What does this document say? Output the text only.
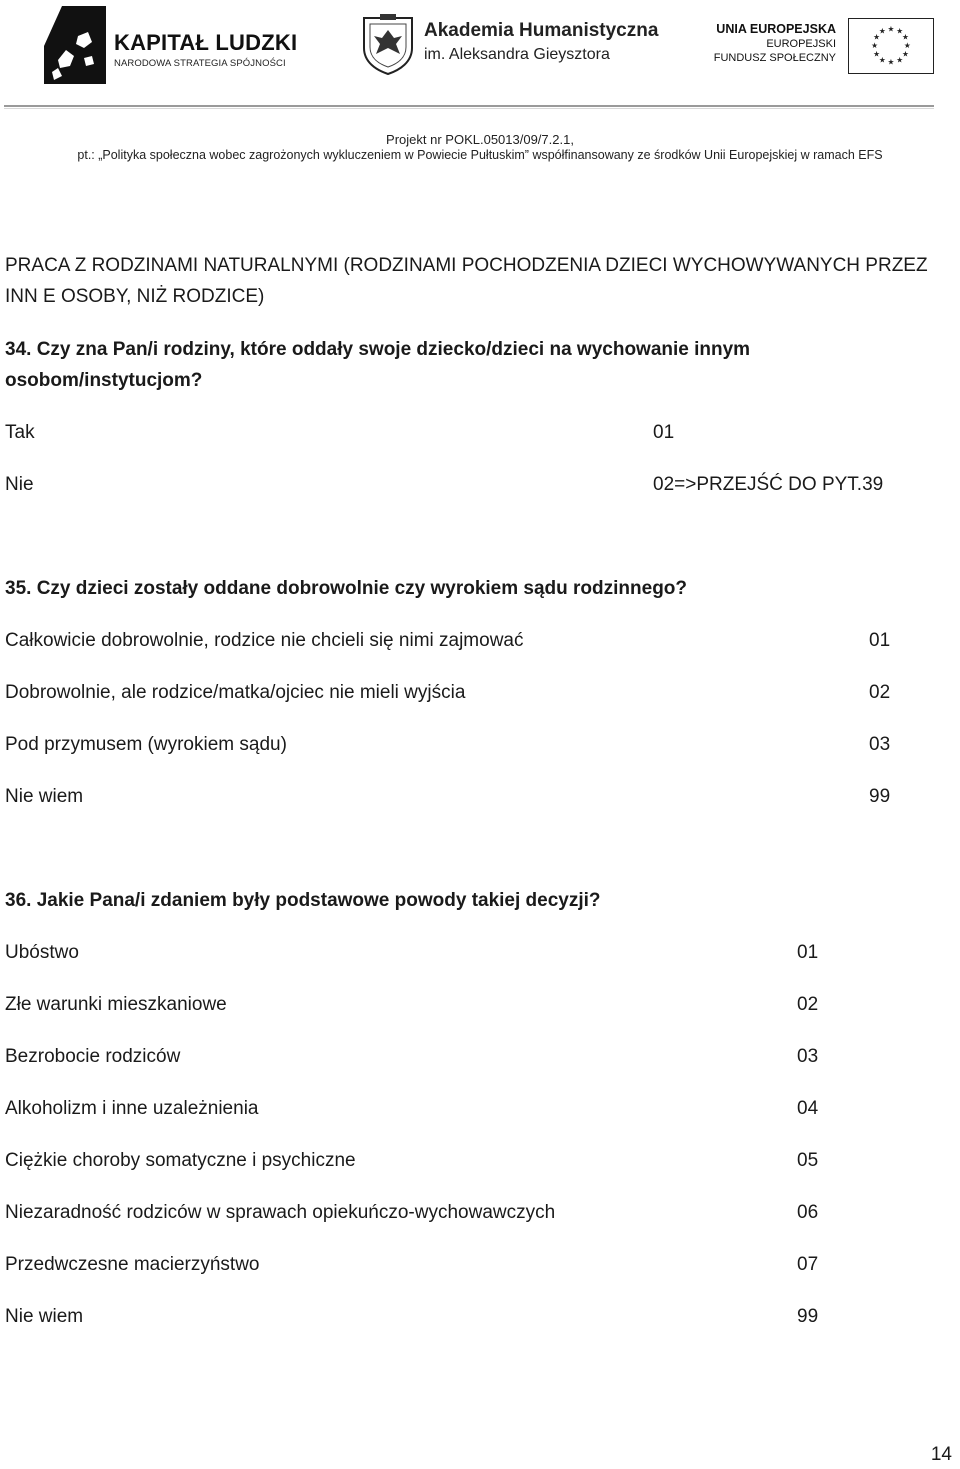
KAPITAŁ LUDZKI
NARODOWA STRATEGIA SPÓJNOŚCI
Akademia Humanistyczna
im. Aleksandra Gieysztora
UNIA EUROPEJSKA
EUROPEJSKI
FUNDUSZ SPOŁECZNY
★ ★
★
★
★
★
★
★
★
★
★
★
Projekt nr POKL.05013/09/7.2.1,
pt.: „Polityka społeczna wobec zagrożonych wykluczeniem w Powiecie Pułtuskim” współfinansowany ze środków Unii Europejskiej w ramach EFS
PRACA Z RODZINAMI NATURALNYMI (RODZINAMI POCHODZENIA DZIECI WYCHOWYWANYCH PRZEZ
INN E OSOBY, NIŻ RODZICE)
34. Czy zna Pan/i rodziny, które oddały swoje dziecko/dzieci na wychowanie innym
osobom/instytucjom?
Tak	01
Nie	02=>PRZEJŚĆ DO PYT.39
35. Czy dzieci zostały oddane dobrowolnie czy wyrokiem sądu rodzinnego?
Całkowicie dobrowolnie, rodzice nie chcieli się nimi zajmować	01
Dobrowolnie, ale rodzice/matka/ojciec nie mieli wyjścia	02
Pod przymusem (wyrokiem sądu)	03
Nie wiem	99
36. Jakie Pana/i zdaniem były podstawowe powody takiej decyzji?
Ubóstwo	01
Złe warunki mieszkaniowe	02
Bezrobocie rodziców	03
Alkoholizm i inne uzależnienia	04
Ciężkie choroby somatyczne i psychiczne	05
Niezaradność rodziców w sprawach opiekuńczo-wychowawczych	06
Przedwczesne macierzyństwo	07
Nie wiem	99
14
